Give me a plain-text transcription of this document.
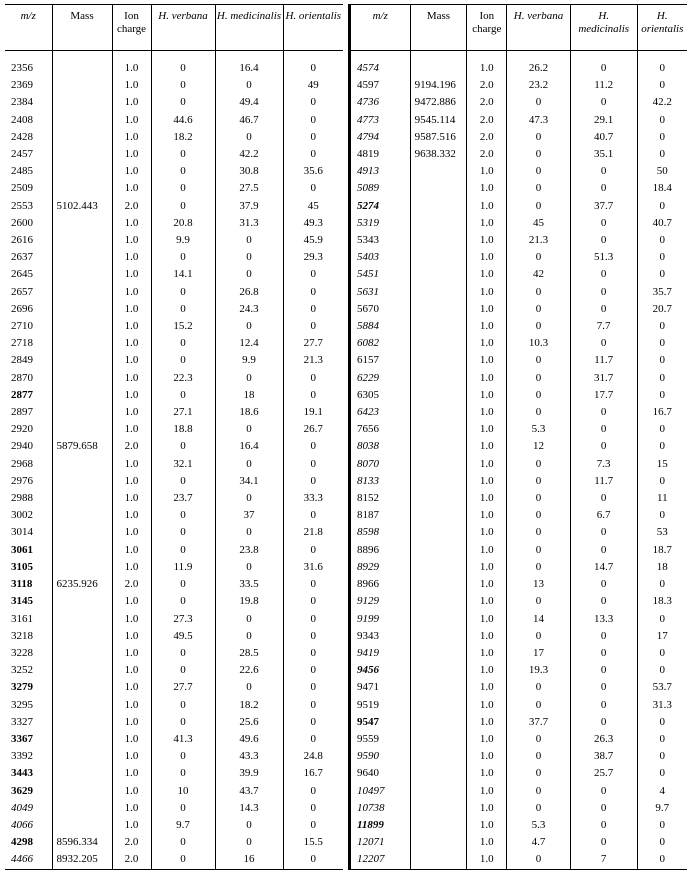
m/z	Mass	Ion charge	H. verbana	H. medicinalis	H. orientalis
2356		1.0	0	16.4	0
2369		1.0	0	0	49
2384		1.0	0	49.4	0
2408		1.0	44.6	46.7	0
2428		1.0	18.2	0	0
2457		1.0	0	42.2	0
2485		1.0	0	30.8	35.6
2509		1.0	0	27.5	0
2553	5102.443	2.0	0	37.9	45
2600		1.0	20.8	31.3	49.3
2616		1.0	9.9	0	45.9
2637		1.0	0	0	29.3
2645		1.0	14.1	0	0
2657		1.0	0	26.8	0
2696		1.0	0	24.3	0
2710		1.0	15.2	0	0
2718		1.0	0	12.4	27.7
2849		1.0	0	9.9	21.3
2870		1.0	22.3	0	0
2877		1.0	0	18	0
2897		1.0	27.1	18.6	19.1
2920		1.0	18.8	0	26.7
2940	5879.658	2.0	0	16.4	0
2968		1.0	32.1	0	0
2976		1.0	0	34.1	0
2988		1.0	23.7	0	33.3
3002		1.0	0	37	0
3014		1.0	0	0	21.8
3061		1.0	0	23.8	0
3105		1.0	11.9	0	31.6
3118	6235.926	2.0	0	33.5	0
3145		1.0	0	19.8	0
3161		1.0	27.3	0	0
3218		1.0	49.5	0	0
3228		1.0	0	28.5	0
3252		1.0	0	22.6	0
3279		1.0	27.7	0	0
3295		1.0	0	18.2	0
3327		1.0	0	25.6	0
3367		1.0	41.3	49.6	0
3392		1.0	0	43.3	24.8
3443		1.0	0	39.9	16.7
3629		1.0	10	43.7	0
4049		1.0	0	14.3	0
4066		1.0	9.7	0	0
4298	8596.334	2.0	0	0	15.5
4466	8932.205	2.0	0	16	0
m/z	Mass	Ion charge	H. verbana	H. medicinalis	H. orientalis
4574		1.0	26.2	0	0
4597	9194.196	2.0	23.2	11.2	0
4736	9472.886	2.0	0	0	42.2
4773	9545.114	2.0	47.3	29.1	0
4794	9587.516	2.0	0	40.7	0
4819	9638.332	2.0	0	35.1	0
4913		1.0	0	0	50
5089		1.0	0	0	18.4
5274		1.0	0	37.7	0
5319		1.0	45	0	40.7
5343		1.0	21.3	0	0
5403		1.0	0	51.3	0
5451		1.0	42	0	0
5631		1.0	0	0	35.7
5670		1.0	0	0	20.7
5884		1.0	0	7.7	0
6082		1.0	10.3	0	0
6157		1.0	0	11.7	0
6229		1.0	0	31.7	0
6305		1.0	0	17.7	0
6423		1.0	0	0	16.7
7656		1.0	5.3	0	0
8038		1.0	12	0	0
8070		1.0	0	7.3	15
8133		1.0	0	11.7	0
8152		1.0	0	0	11
8187		1.0	0	6.7	0
8598		1.0	0	0	53
8896		1.0	0	0	18.7
8929		1.0	0	14.7	18
8966		1.0	13	0	0
9129		1.0	0	0	18.3
9199		1.0	14	13.3	0
9343		1.0	0	0	17
9419		1.0	17	0	0
9456		1.0	19.3	0	0
9471		1.0	0	0	53.7
9519		1.0	0	0	31.3
9547		1.0	37.7	0	0
9559		1.0	0	26.3	0
9590		1.0	0	38.7	0
9640		1.0	0	25.7	0
10497		1.0	0	0	4
10738		1.0	0	0	9.7
11899		1.0	5.3	0	0
12071		1.0	4.7	0	0
12207		1.0	0	7	0
